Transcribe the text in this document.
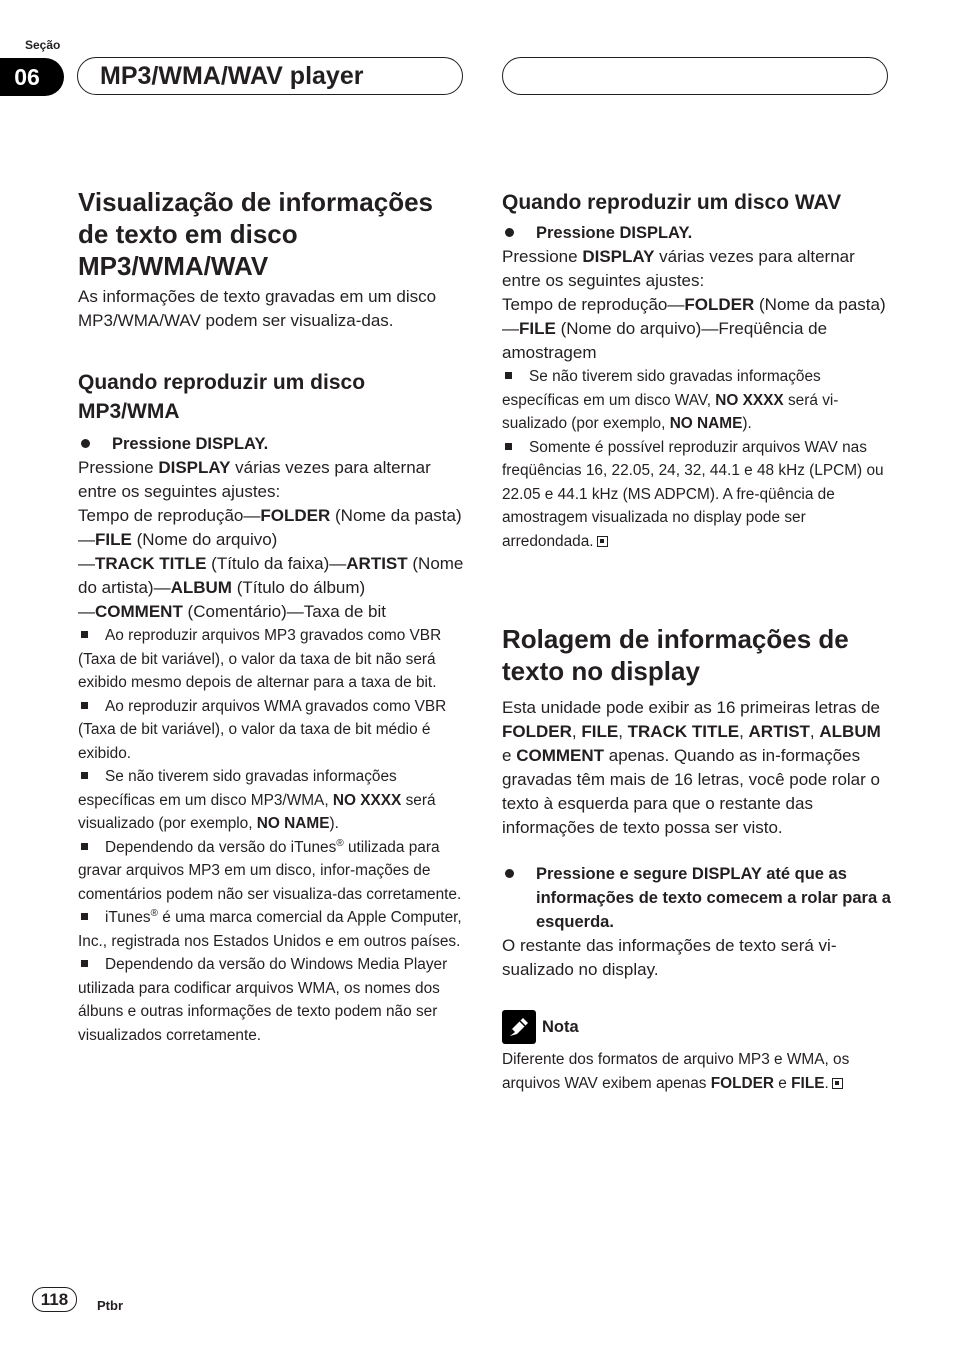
Seção
06	MP3/WMA/WAV player
Visualização de informações de texto em disco MP3/WMA/WAV

As informações de texto gravadas em um disco MP3/WMA/WAV podem ser visualiza-das.

Quando reproduzir um disco MP3/WMA
Pressione DISPLAY.

Pressione DISPLAY várias vezes para alternar entre os seguintes ajustes:
Tempo de reprodução—FOLDER (Nome da pasta)—FILE (Nome do arquivo)
—TRACK TITLE (Título da faixa)—ARTIST (Nome do artista)—ALBUM (Título do álbum)
—COMMENT (Comentário)—Taxa de bit

Ao reproduzir arquivos MP3 gravados como VBR (Taxa de bit variável), o valor da taxa de bit não será exibido mesmo depois de alternar para a taxa de bit.

Ao reproduzir arquivos WMA gravados como VBR (Taxa de bit variável), o valor da taxa de bit médio é exibido.

Se não tiverem sido gravadas informações específicas em um disco MP3/WMA, NO XXXX será visualizado (por exemplo, NO NAME).

Dependendo da versão do iTunes® utilizada para gravar arquivos MP3 em um disco, infor-mações de comentários podem não ser visualiza-das corretamente.

iTunes® é uma marca comercial da Apple Computer, Inc., registrada nos Estados Unidos e em outros países.

Dependendo da versão do Windows Media Player utilizada para codificar arquivos WMA, os nomes dos álbuns e outras informações de texto podem não ser visualizados corretamente.

Quando reproduzir um disco WAV
Pressione DISPLAY.

Pressione DISPLAY várias vezes para alternar entre os seguintes ajustes:
Tempo de reprodução—FOLDER (Nome da pasta)—FILE (Nome do arquivo)—Freqüência de amostragem

Se não tiverem sido gravadas informações específicas em um disco WAV, NO XXXX será vi-sualizado (por exemplo, NO NAME).

Somente é possível reproduzir arquivos WAV nas freqüências 16, 22.05, 24, 32, 44.1 e 48 kHz (LPCM) ou 22.05 e 44.1 kHz (MS ADPCM). A fre-qüência de amostragem visualizada no display pode ser arredondada.

Rolagem de informações de texto no display

Esta unidade pode exibir as 16 primeiras letras de FOLDER, FILE, TRACK TITLE, ARTIST, ALBUM e COMMENT apenas. Quando as in-formações gravadas têm mais de 16 letras, você pode rolar o texto à esquerda para que o restante das informações de texto possa ser visto.

Pressione e segure DISPLAY até que as informações de texto comecem a rolar para a esquerda.

O restante das informações de texto será vi-sualizado no display.

Nota

Diferente dos formatos de arquivo MP3 e WMA, os arquivos WAV exibem apenas FOLDER e FILE.

118	Ptbr
